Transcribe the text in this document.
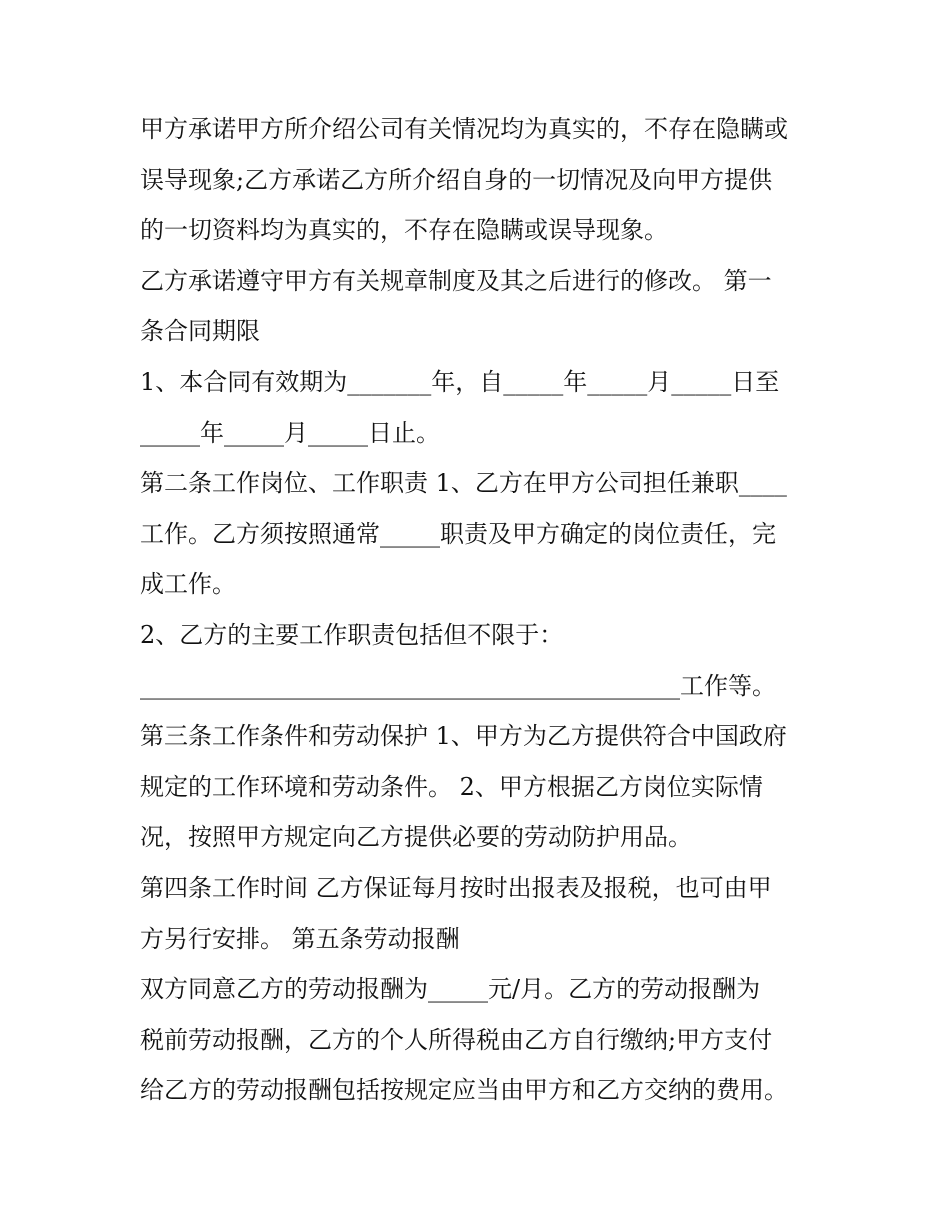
甲方承诺甲方所介绍公司有关情况均为真实的，不存在隐瞒或
误导现象;乙方承诺乙方所介绍自身的一切情况及向甲方提供
的一切资料均为真实的，不存在隐瞒或误导现象。
乙方承诺遵守甲方有关规章制度及其之后进行的修改。 第一
条合同期限
1、本合同有效期为_______年，自_____年_____月_____日至
_____年_____月_____日止。
第二条工作岗位、工作职责 1、乙方在甲方公司担任兼职____
工作。乙方须按照通常_____职责及甲方确定的岗位责任，完
成工作。
2、乙方的主要工作职责包括但不限于：
_____________________________________________工作等。
第三条工作条件和劳动保护 1、甲方为乙方提供符合中国政府
规定的工作环境和劳动条件。 2、甲方根据乙方岗位实际情
况，按照甲方规定向乙方提供必要的劳动防护用品。
第四条工作时间 乙方保证每月按时出报表及报税，也可由甲
方另行安排。 第五条劳动报酬
双方同意乙方的劳动报酬为_____元/月。乙方的劳动报酬为
税前劳动报酬，乙方的个人所得税由乙方自行缴纳;甲方支付
给乙方的劳动报酬包括按规定应当由甲方和乙方交纳的费用。
